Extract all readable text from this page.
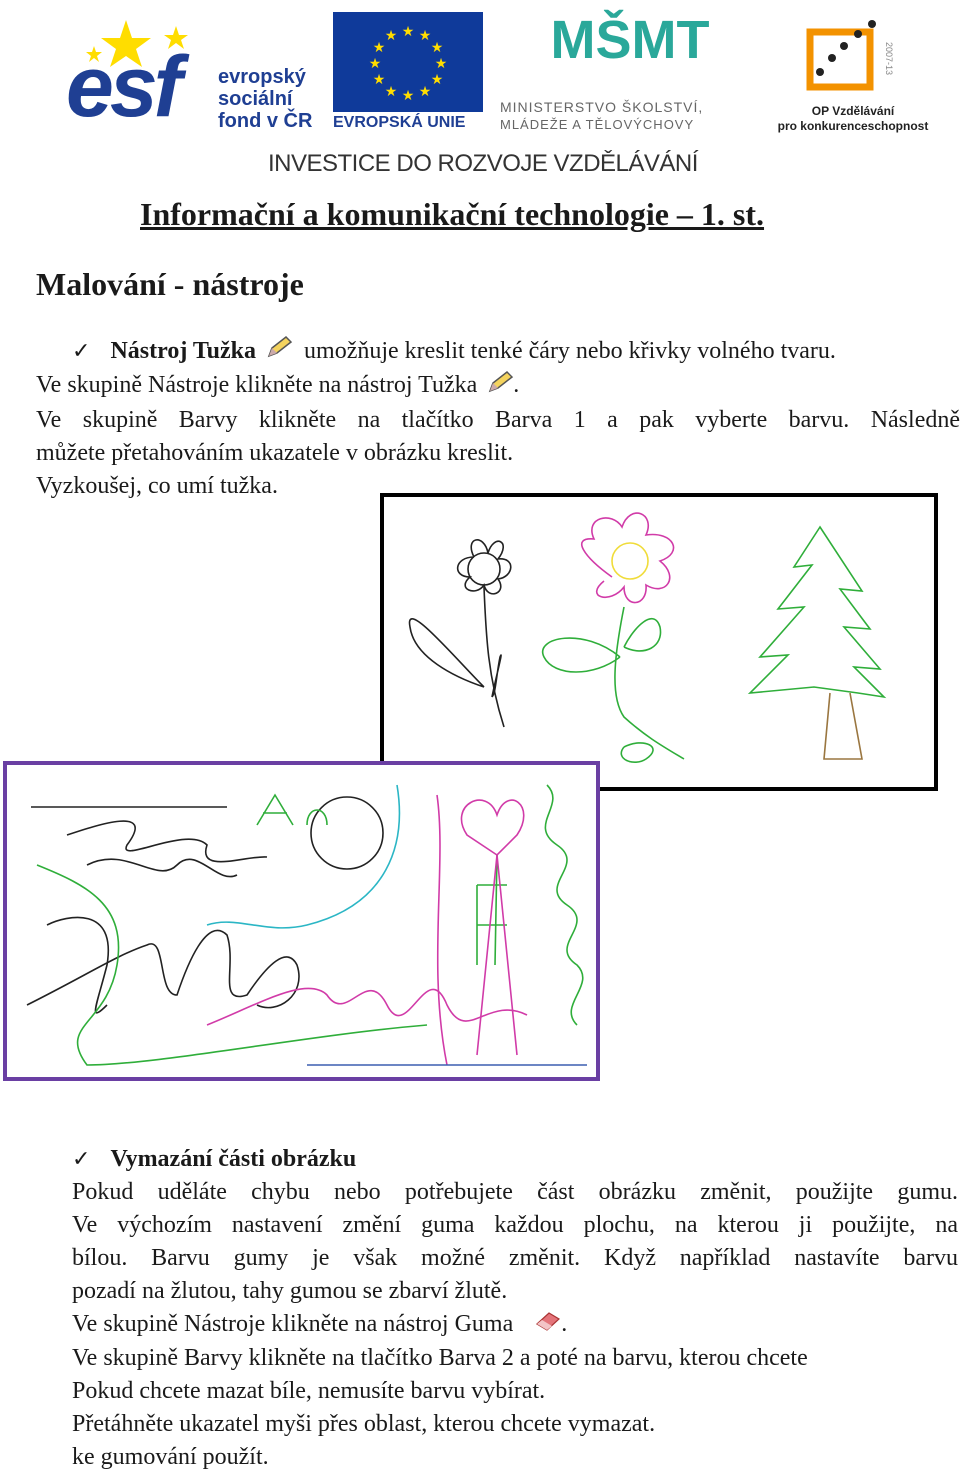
esf evropský
sociální
fond v ČR
★ ★
★
★
★
★
★
★
★
★
★
★
EVROPSKÁ UNIE
MŠMT
MINISTERSTVO ŠKOLSTVÍ,
MLÁDEŽE A TĚLOVÝCHOVY
2007-13
OP Vzdělávání
pro konkurenceschopnost
INVESTICE DO ROZVOJE VZDĚLÁVÁNÍ
Informační a komunikační technologie – 1. st.
Malování - nástroje
✓ Nástroj Tužka umožňuje kreslit tenké čáry nebo křivky volného tvaru.
Ve skupině Nástroje klikněte na nástroj Tužka .
Ve skupině Barvy klikněte na tlačítko Barva 1 a pak vyberte barvu. Následně
můžete přetahováním ukazatele v obrázku kreslit.
Vyzkoušej, co umí tužka.
✓ Vymazání části obrázku
Pokud uděláte chybu nebo potřebujete část obrázku změnit, použijte gumu.
Ve výchozím nastavení změní guma každou plochu, na kterou ji použijte, na
bílou. Barvu gumy je však možné změnit. Když například nastavíte barvu
pozadí na žlutou, tahy gumou se zbarví žlutě.
Ve skupině Nástroje klikněte na nástroj Guma .
Ve skupině Barvy klikněte na tlačítko Barva 2 a poté na barvu, kterou chcete
Pokud chcete mazat bíle, nemusíte barvu vybírat.
Přetáhněte ukazatel myši přes oblast, kterou chcete vymazat.
ke gumování použít.
